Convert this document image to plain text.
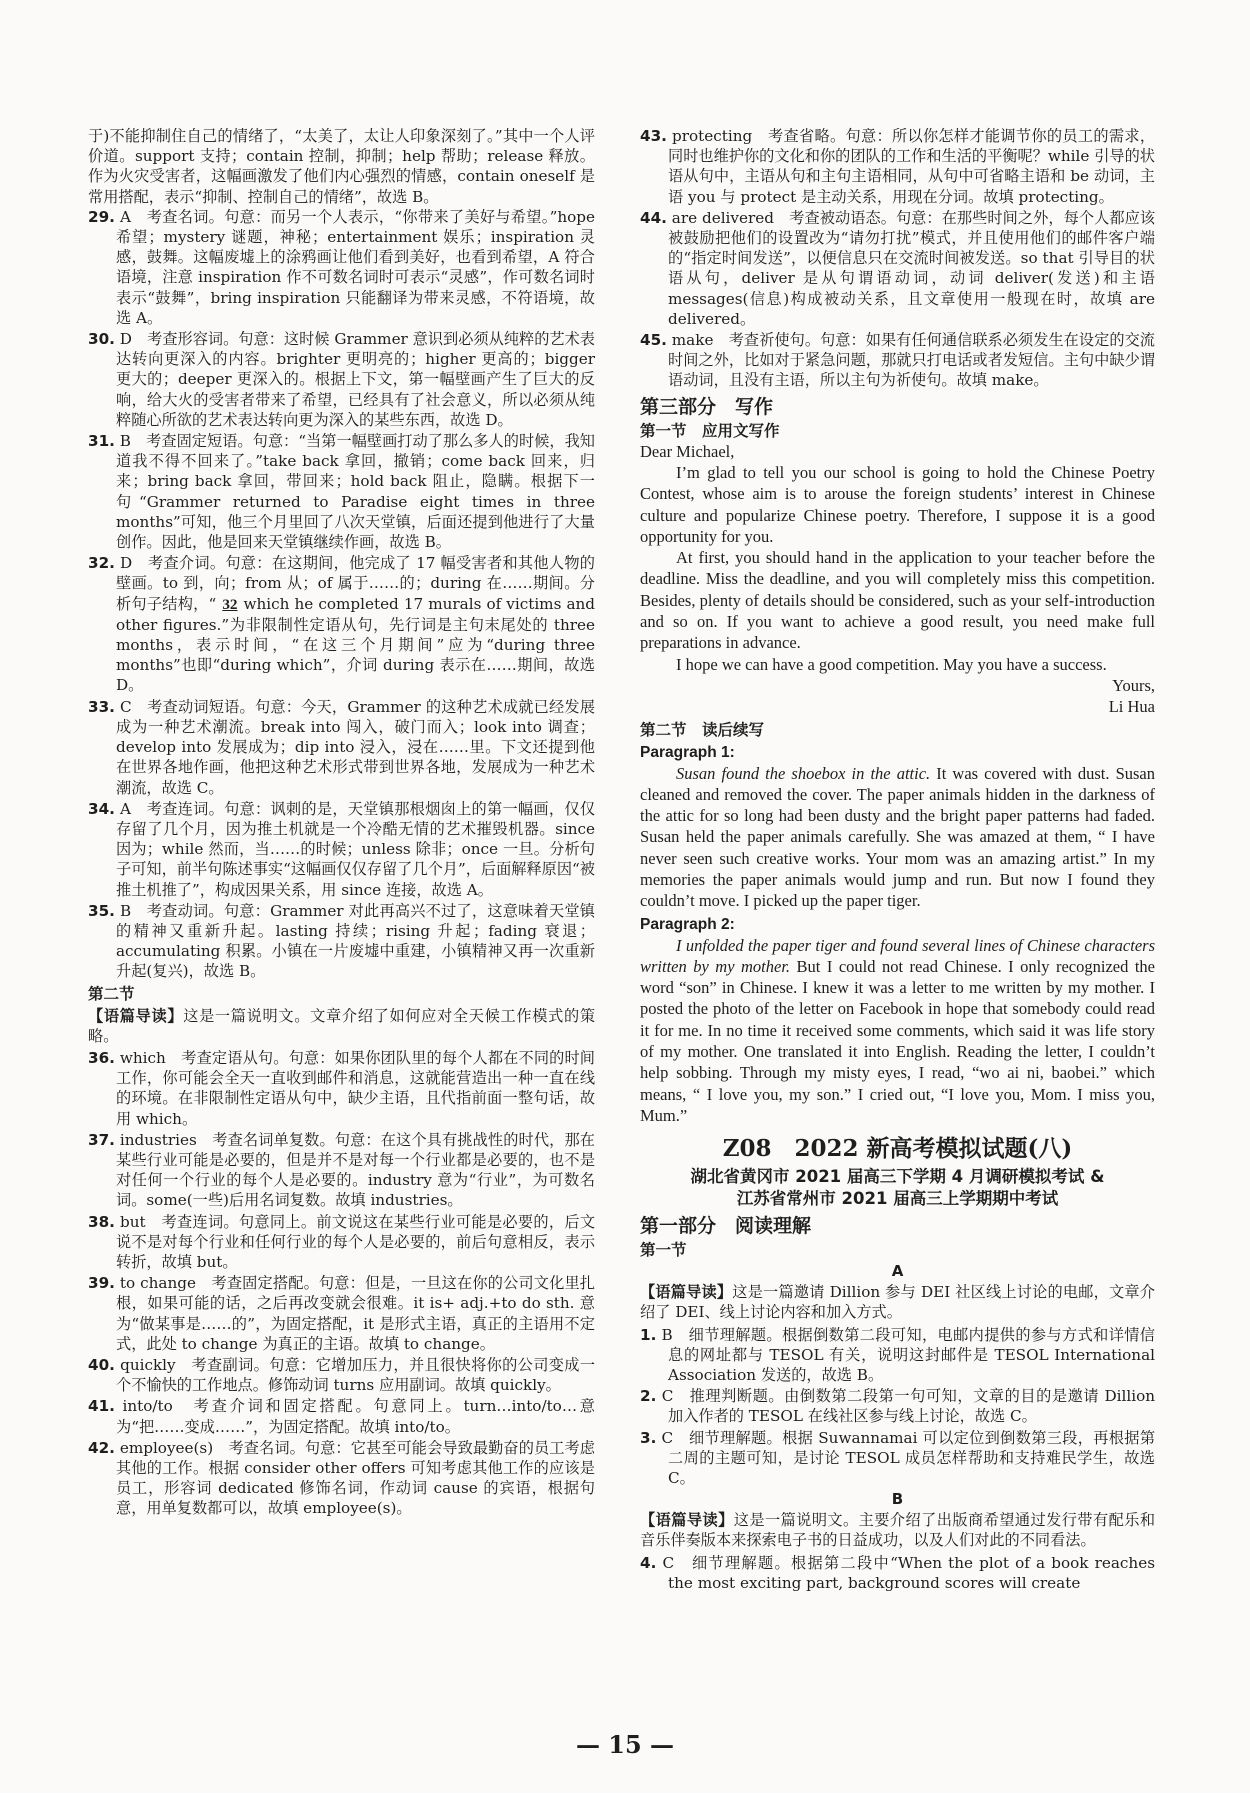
于)不能抑制住自己的情绪了，“太美了，太让人印象深刻了。”其中一个人评价道。support 支持；contain 控制，抑制；help 帮助；release 释放。作为火灾受害者，这幅画激发了他们内心强烈的情感，contain oneself 是常用搭配，表示“抑制、控制自己的情绪”，故选 B。

29. A　考查名词。句意：而另一个人表示，“你带来了美好与希望。”hope 希望；mystery 谜题，神秘；entertainment 娱乐；inspiration 灵感，鼓舞。这幅废墟上的涂鸦画让他们看到美好，也看到希望，A 符合语境，注意 inspiration 作不可数名词时可表示“灵感”，作可数名词时表示“鼓舞”，bring inspiration 只能翻译为带来灵感，不符语境，故选 A。

30. D　考查形容词。句意：这时候 Grammer 意识到必须从纯粹的艺术表达转向更深入的内容。brighter 更明亮的；higher 更高的；bigger 更大的；deeper 更深入的。根据上下文，第一幅壁画产生了巨大的反响，给大火的受害者带来了希望，已经具有了社会意义，所以必须从纯粹随心所欲的艺术表达转向更为深入的某些东西，故选 D。

31. B　考查固定短语。句意：“当第一幅壁画打动了那么多人的时候，我知道我不得不回来了。”take back 拿回，撤销；come back 回来，归来；bring back 拿回，带回来；hold back 阻止，隐瞒。根据下一句“Grammer returned to Paradise eight times in three months”可知，他三个月里回了八次天堂镇，后面还提到他进行了大量创作。因此，他是回来天堂镇继续作画，故选 B。

32. D　考查介词。句意：在这期间，他完成了 17 幅受害者和其他人物的壁画。to 到，向；from 从；of 属于……的；during 在……期间。分析句子结构，“ 32 which he completed 17 murals of victims and other figures.”为非限制性定语从句，先行词是主句末尾处的 three months，表示时间，“在这三个月期间”应为“during three months”也即“during which”，介词 during 表示在……期间，故选 D。

33. C　考查动词短语。句意：今天，Grammer 的这种艺术成就已经发展成为一种艺术潮流。break into 闯入，破门而入；look into 调查；develop into 发展成为；dip into 浸入，浸在……里。下文还提到他在世界各地作画，他把这种艺术形式带到世界各地，发展成为一种艺术潮流，故选 C。

34. A　考查连词。句意：讽刺的是，天堂镇那根烟囱上的第一幅画，仅仅存留了几个月，因为推土机就是一个冷酷无情的艺术摧毁机器。since 因为；while 然而，当……的时候；unless 除非；once 一旦。分析句子可知，前半句陈述事实“这幅画仅仅存留了几个月”，后面解释原因“被推土机推了”，构成因果关系，用 since 连接，故选 A。

35. B　考查动词。句意：Grammer 对此再高兴不过了，这意味着天堂镇的精神又重新升起。lasting 持续；rising 升起；fading 衰退；accumulating 积累。小镇在一片废墟中重建，小镇精神又再一次重新升起(复兴)，故选 B。

第二节

【语篇导读】这是一篇说明文。文章介绍了如何应对全天候工作模式的策略。

36. which　考查定语从句。句意：如果你团队里的每个人都在不同的时间工作，你可能会全天一直收到邮件和消息，这就能营造出一种一直在线的环境。在非限制性定语从句中，缺少主语，且代指前面一整句话，故用 which。

37. industries　考查名词单复数。句意：在这个具有挑战性的时代，那在某些行业可能是必要的，但是并不是对每一个行业都是必要的，也不是对任何一个行业的每个人是必要的。industry 意为“行业”，为可数名词。some(一些)后用名词复数。故填 industries。

38. but　考查连词。句意同上。前文说这在某些行业可能是必要的，后文说不是对每个行业和任何行业的每个人是必要的，前后句意相反，表示转折，故填 but。

39. to change　考查固定搭配。句意：但是，一旦这在你的公司文化里扎根，如果可能的话，之后再改变就会很难。it is+ adj.+to do sth. 意为“做某事是……的”，为固定搭配，it 是形式主语，真正的主语用不定式，此处 to change 为真正的主语。故填 to change。

40. quickly　考查副词。句意：它增加压力，并且很快将你的公司变成一个不愉快的工作地点。修饰动词 turns 应用副词。故填 quickly。

41. into/to　考查介词和固定搭配。句意同上。turn…into/to…意为“把……变成……”，为固定搭配。故填 into/to。

42. employee(s)　考查名词。句意：它甚至可能会导致最勤奋的员工考虑其他的工作。根据 consider other offers 可知考虑其他工作的应该是员工，形容词 dedicated 修饰名词，作动词 cause 的宾语，根据句意，用单复数都可以，故填 employee(s)。

43. protecting　考查省略。句意：所以你怎样才能调节你的员工的需求，同时也维护你的文化和你的团队的工作和生活的平衡呢？while 引导的状语从句中，主语从句和主句主语相同，从句中可省略主语和 be 动词，主语 you 与 protect 是主动关系，用现在分词。故填 protecting。

44. are delivered　考查被动语态。句意：在那些时间之外，每个人都应该被鼓励把他们的设置改为“请勿打扰”模式，并且使用他们的邮件客户端的“指定时间发送”，以便信息只在交流时间被发送。so that 引导目的状语从句，deliver 是从句谓语动词，动词 deliver(发送)和主语 messages(信息)构成被动关系，且文章使用一般现在时，故填 are delivered。

45. make　考查祈使句。句意：如果有任何通信联系必须发生在设定的交流时间之外，比如对于紧急问题，那就只打电话或者发短信。主句中缺少谓语动词，且没有主语，所以主句为祈使句。故填 make。

第三部分　写作

第一节　应用文写作

Dear Michael,

I’m glad to tell you our school is going to hold the Chinese Poetry Contest, whose aim is to arouse the foreign students’ interest in Chinese culture and popularize Chinese poetry. Therefore, I suppose it is a good opportunity for you.

At first, you should hand in the application to your teacher before the deadline. Miss the deadline, and you will completely miss this competition. Besides, plenty of details should be considered, such as your self-introduction and so on. If you want to achieve a good result, you need make full preparations in advance.

I hope we can have a good competition. May you have a success.

Yours,

Li Hua

第二节　读后续写

Paragraph 1:

Susan found the shoebox in the attic. It was covered with dust. Susan cleaned and removed the cover. The paper animals hidden in the darkness of the attic for so long had been dusty and the bright paper patterns had faded. Susan held the paper animals carefully. She was amazed at them, “ I have never seen such creative works. Your mom was an amazing artist.” In my memories the paper animals would jump and run. But now I found they couldn’t move. I picked up the paper tiger.

Paragraph 2:

I unfolded the paper tiger and found several lines of Chinese characters written by my mother. But I could not read Chinese. I only recognized the word “son” in Chinese. I knew it was a letter to me written by my mother. I posted the photo of the letter on Facebook in hope that somebody could read it for me. In no time it received some comments, which said it was life story of my mother. One translated it into English. Reading the letter, I couldn’t help sobbing. Through my misty eyes, I read, “wo ai ni, baobei.” which means, “ I love you, my son.” I cried out, “I love you, Mom. I miss you, Mum.”

Z08　2022 新高考模拟试题(八)

湖北省黄冈市 2021 届高三下学期 4 月调研模拟考试 &

江苏省常州市 2021 届高三上学期期中考试

第一部分　阅读理解

第一节

A

【语篇导读】这是一篇邀请 Dillion 参与 DEI 社区线上讨论的电邮，文章介绍了 DEI、线上讨论内容和加入方式。

1. B　细节理解题。根据倒数第二段可知，电邮内提供的参与方式和详情信息的网址都与 TESOL 有关，说明这封邮件是 TESOL International Association 发送的，故选 B。

2. C　推理判断题。由倒数第二段第一句可知，文章的目的是邀请 Dillion 加入作者的 TESOL 在线社区参与线上讨论，故选 C。

3. C　细节理解题。根据 Suwannamai 可以定位到倒数第三段，再根据第二周的主题可知，是讨论 TESOL 成员怎样帮助和支持难民学生，故选 C。

B

【语篇导读】这是一篇说明文。主要介绍了出版商希望通过发行带有配乐和音乐伴奏版本来探索电子书的日益成功，以及人们对此的不同看法。

4. C　细节理解题。根据第二段中“When the plot of a book reaches the most exciting part, background scores will create

— 15 —
